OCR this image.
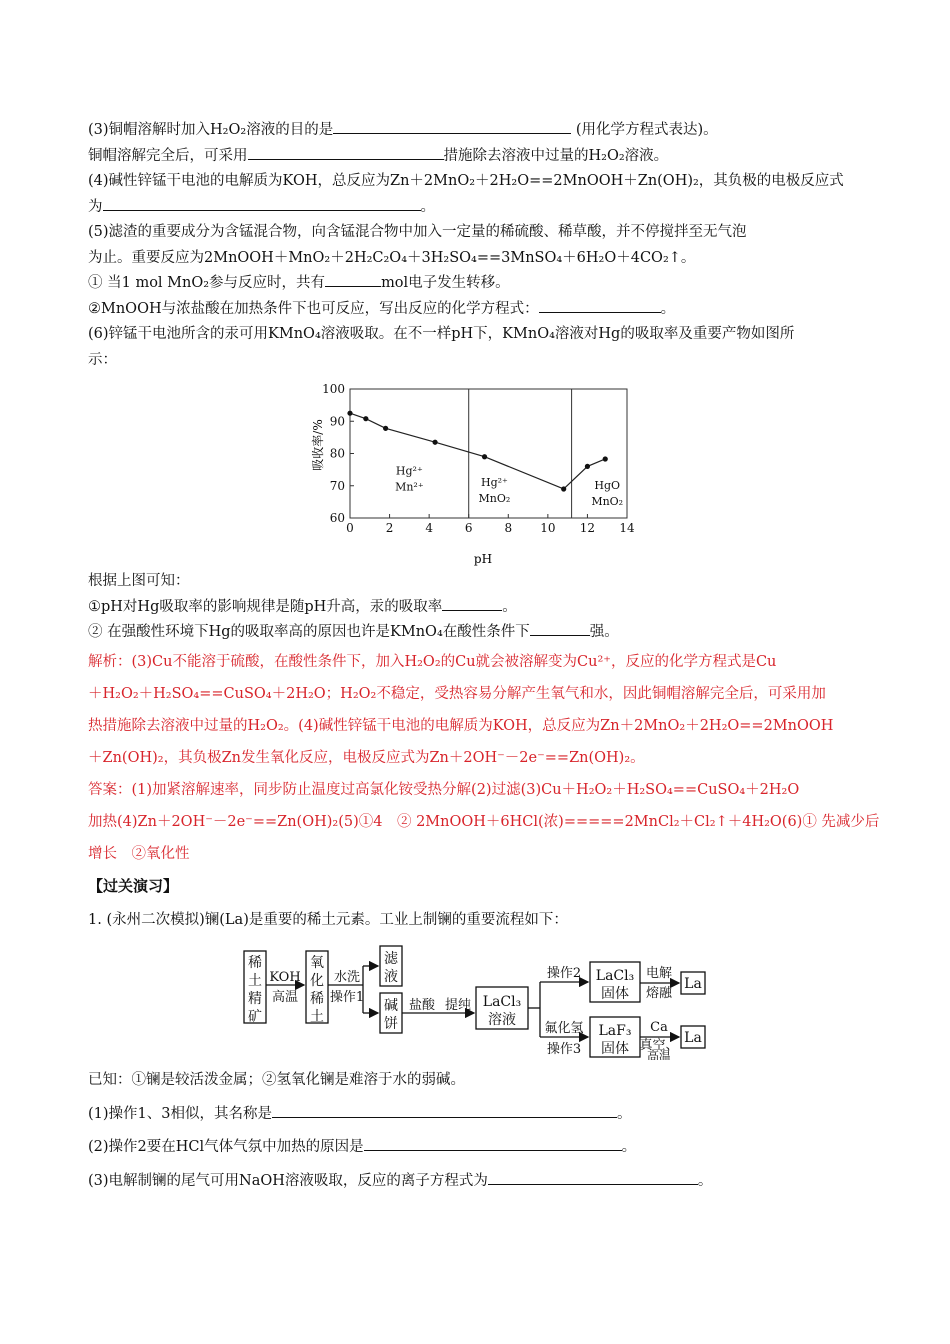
(3)铜帽溶解时加入H₂O₂溶液的目的是	(用化学方程式表达)。
铜帽溶解完全后，可采用	措施除去溶液中过量的H₂O₂溶液。
(4)碱性锌锰干电池的电解质为KOH，总反应为Zn＋2MnO₂＋2H₂O==2MnOOH＋Zn(OH)₂，其负极的电极反应式
为	。
(5)滤渣的重要成分为含锰混合物，向含锰混合物中加入一定量的稀硫酸、稀草酸，并不停搅拌至无气泡
为止。重要反应为2MnOOH＋MnO₂＋2H₂C₂O₄＋3H₂SO₄==3MnSO₄＋6H₂O＋4CO₂↑。
① 当1 mol MnO₂参与反应时，共有	mol电子发生转移。
②MnOOH与浓盐酸在加热条件下也可反应，写出反应的化学方程式：	。
(6)锌锰干电池所含的汞可用KMnO₄溶液吸取。在不一样pH下，KMnO₄溶液对Hg的吸取率及重要产物如图所
示：
0	2	4	6	8 10 12 14
60
70
80
90
100
Hg²⁺
Mn²⁺	Hg²⁺
MnO₂
HgO
MnO₂
吸收率/%
pH
根据上图可知：
①pH对Hg吸取率的影响规律是随pH升高，汞的吸取率	。
② 在强酸性环境下Hg的吸取率高的原因也许是KMnO₄在酸性条件下	强。
解析：(3)Cu不能溶于硫酸，在酸性条件下，加入H₂O₂的Cu就会被溶解变为Cu²⁺，反应的化学方程式是Cu
＋H₂O₂＋H₂SO₄==CuSO₄＋2H₂O；H₂O₂不稳定，受热容易分解产生氧气和水，因此铜帽溶解完全后，可采用加
热措施除去溶液中过量的H₂O₂。(4)碱性锌锰干电池的电解质为KOH，总反应为Zn＋2MnO₂＋2H₂O==2MnOOH
＋Zn(OH)₂，其负极Zn发生氧化反应，电极反应式为Zn＋2OH⁻－2e⁻==Zn(OH)₂。
答案：(1)加紧溶解速率，同步防止温度过高氯化铵受热分解(2)过滤(3)Cu＋H₂O₂＋H₂SO₄==CuSO₄＋2H₂O
加热(4)Zn＋2OH⁻－2e⁻==Zn(OH)₂(5)①4　② 2MnOOH＋6HCl(浓)=====2MnCl₂＋Cl₂↑＋4H₂O(6)① 先减少后
增长　②氧化性
【过关演习】
1. (永州二次模拟)镧(La)是重要的稀土元素。工业上制镧的重要流程如下：
稀
土
精
矿
KOH
高温
氧
化
稀
土
水洗
操作1
滤
液
碱
饼
盐酸 提纯 LaCl₃
溶液
操作2
氟化氢
操作3
LaCl₃
固体
LaF₃
固体
电解
熔融
Ca
真空、
高温
La
La
已知：①镧是较活泼金属；②氢氧化镧是难溶于水的弱碱。
(1)操作1、3相似，其名称是	。
(2)操作2要在HCl气体气氛中加热的原因是	。
(3)电解制镧的尾气可用NaOH溶液吸取，反应的离子方程式为	。
